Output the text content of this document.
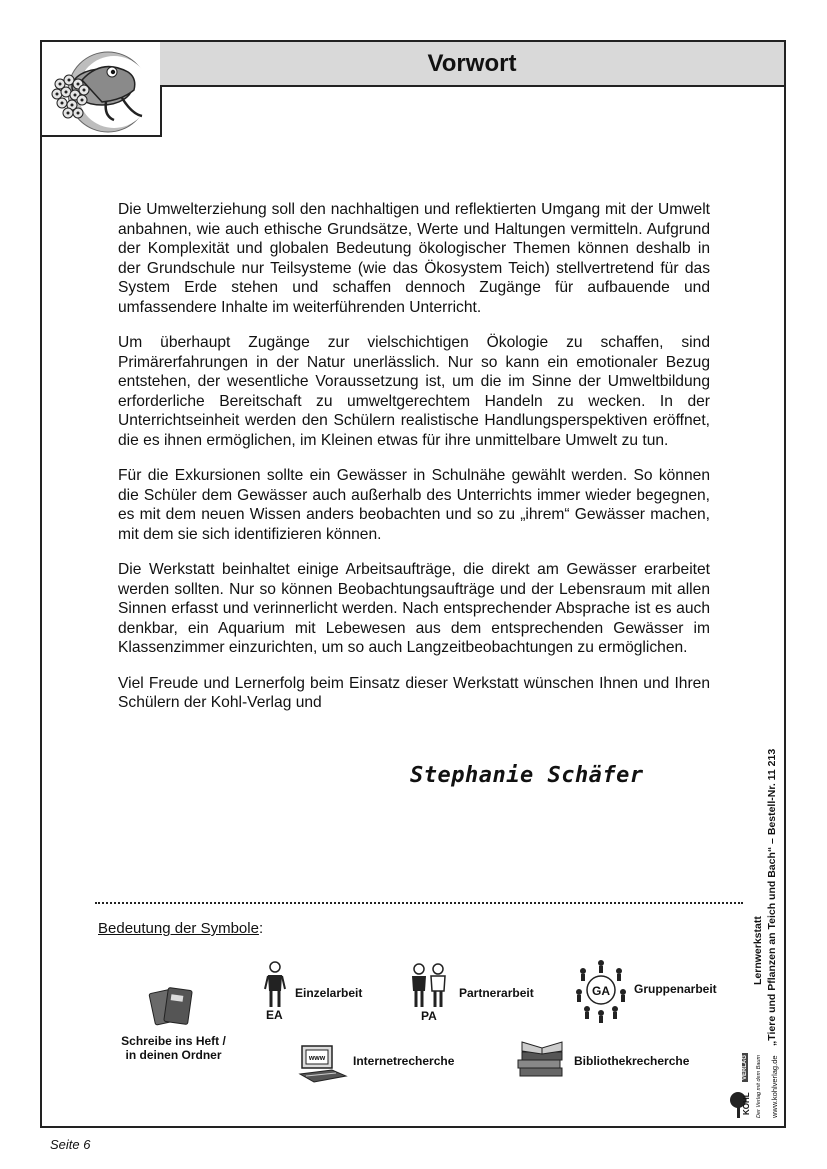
Vorwort

Die Umwelterziehung soll den nachhaltigen und reflektierten Umgang mit der Umwelt anbahnen, wie auch ethische Grundsätze, Werte und Haltungen vermitteln. Aufgrund der Komplexität und globalen Bedeutung ökologischer Themen können deshalb in der Grundschule nur Teilsysteme (wie das Ökosystem Teich) stellvertretend für das System Erde stehen und schaffen dennoch Zugänge für aufbauende und umfassendere Inhalte im weiterführenden Unterricht.

Um überhaupt Zugänge zur vielschichtigen Ökologie zu schaffen, sind Primärerfahrungen in der Natur unerlässlich. Nur so kann ein emotionaler Bezug entstehen, der wesentliche Voraussetzung ist, um die im Sinne der Umweltbildung erforderliche Bereitschaft zu umweltgerechtem Handeln zu wecken. In der Unterrichtseinheit werden den Schülern realistische Handlungsperspektiven eröffnet, die es ihnen ermöglichen, im Kleinen etwas für ihre unmittelbare Umwelt zu tun.

Für die Exkursionen sollte ein Gewässer in Schulnähe gewählt werden. So können die Schüler dem Gewässer auch außerhalb des Unterrichts immer wieder begegnen, es mit dem neuen Wissen anders beobachten und so zu „ihrem“ Gewässer machen, mit dem sie sich identifizieren können.

Die Werkstatt beinhaltet einige Arbeitsaufträge, die direkt am Gewässer erarbeitet werden sollten. Nur so können Beobachtungsaufträge und der Lebensraum mit allen Sinnen erfasst und verinnerlicht werden. Nach entsprechender Absprache ist es auch denkbar, ein Aquarium mit Lebewesen aus dem entsprechenden Gewässer im Klassenzimmer einzurichten, um so auch Langzeitbeobachtungen zu ermöglichen.

Viel Freude und Lernerfolg beim Einsatz dieser Werkstatt wünschen Ihnen und Ihren Schülern der Kohl-Verlag und

Stephanie Schäfer
Bedeutung der Symbole:
Schreibe ins Heft /
in deinen Ordner
EA
Einzelarbeit
PA
Partnerarbeit	GA Gruppenarbeit
www Internetrecherche	Bibliothekrecherche
Lernwerkstatt „Tiere und Pflanzen an Teich und Bach“ – Bestell-Nr. 11 213
KOHL
VERLAG Der Verlag mit dem Baum www.kohlverlag.de
Seite 6
